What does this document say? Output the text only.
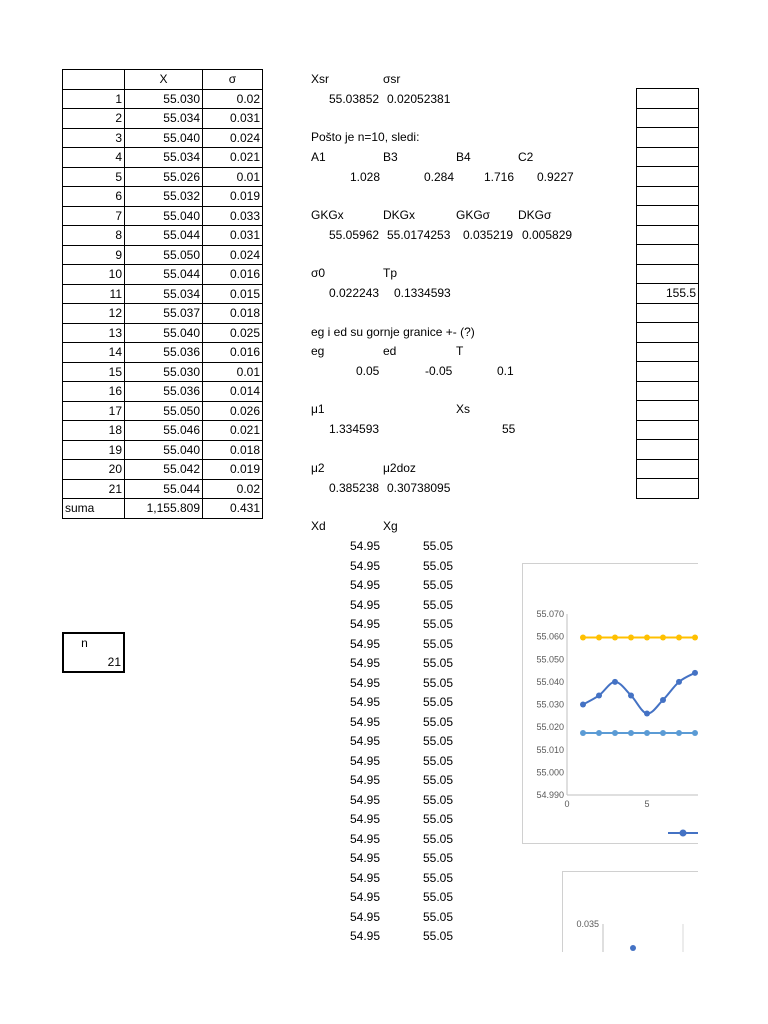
	X	σ
1	55.030	0.02
2	55.034	0.031
3	55.040	0.024
4	55.034	0.021
5	55.026	0.01
6	55.032	0.019
7	55.040	0.033
8	55.044	0.031
9	55.050	0.024
10	55.044	0.016
11	55.034	0.015
12	55.037	0.018
13	55.040	0.025
14	55.036	0.016
15	55.030	0.01
16	55.036	0.014
17	55.050	0.026
18	55.046	0.021
19	55.040	0.018
20	55.042	0.019
21	55.044	0.02
suma	1,155.809	0.431
n
21
Xsr	σsr
55.03852 0.02052381
Pošto je n=10, sledi:
A1	B3	B4	C2
1.028	0.284 1.716 0.9227
GKGx	DKGx	GKGσ DKGσ
55.05962 55.0174253 0.035219 0.005829
σ0	Tp
0.022243 0.1334593
eg i ed su gornje granice +- (?)
eg	ed	T
0.05	-0.05	0.1
μ1	Xs
1.334593	55
μ2	μ2doz
0.385238 0.30738095
Xd	Xg
54.95	55.05
54.95	55.05
54.95	55.05
54.95	55.05
54.95	55.05
54.95	55.05
54.95	55.05
54.95	55.05
54.95	55.05
54.95	55.05
54.95	55.05
54.95	55.05
54.95	55.05
54.95	55.05
54.95	55.05
54.95	55.05
54.95	55.05
54.95	55.05
54.95	55.05
54.95	55.05
54.95	55.05

155.5

55.070
55.060
55.050
55.040
55.030
55.020
55.010
55.000
54.990
0	5
0.035
